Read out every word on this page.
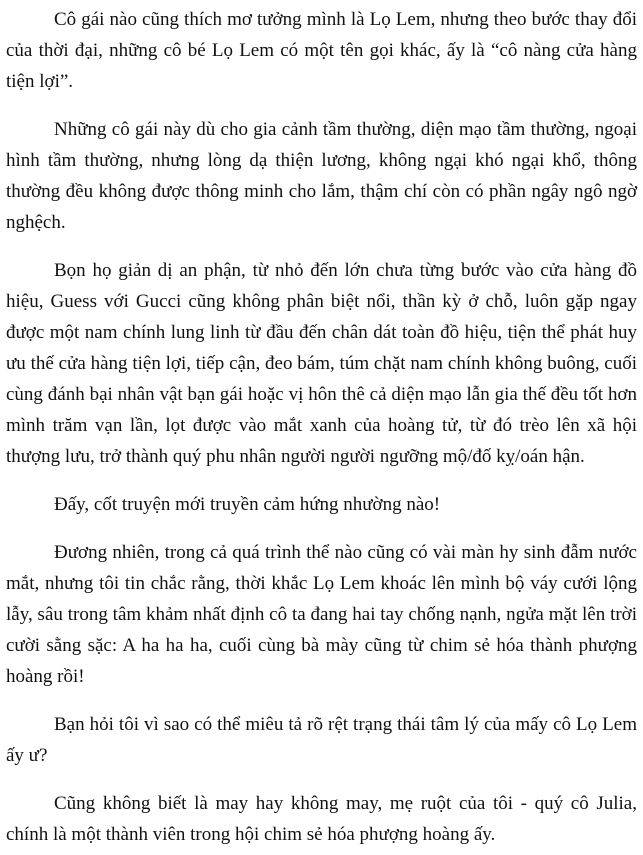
Cô gái nào cũng thích mơ tưởng mình là Lọ Lem, nhưng theo bước thay đổi của thời đại, những cô bé Lọ Lem có một tên gọi khác, ấy là “cô nàng cửa hàng tiện lợi”.

Những cô gái này dù cho gia cảnh tầm thường, diện mạo tầm thường, ngoại hình tầm thường, nhưng lòng dạ thiện lương, không ngại khó ngại khổ, thông thường đều không được thông minh cho lắm, thậm chí còn có phần ngây ngô ngờ nghệch.

Bọn họ giản dị an phận, từ nhỏ đến lớn chưa từng bước vào cửa hàng đồ hiệu, Guess với Gucci cũng không phân biệt nổi, thần kỳ ở chỗ, luôn gặp ngay được một nam chính lung linh từ đầu đến chân dát toàn đồ hiệu, tiện thể phát huy ưu thế cửa hàng tiện lợi, tiếp cận, đeo bám, túm chặt nam chính không buông, cuối cùng đánh bại nhân vật bạn gái hoặc vị hôn thê cả diện mạo lẫn gia thế đều tốt hơn mình trăm vạn lần, lọt được vào mắt xanh của hoàng tử, từ đó trèo lên xã hội thượng lưu, trở thành quý phu nhân người người ngưỡng mộ/đố kỵ/oán hận.

Đấy, cốt truyện mới truyền cảm hứng nhường nào!

Đương nhiên, trong cả quá trình thể nào cũng có vài màn hy sinh đẫm nước mắt, nhưng tôi tin chắc rằng, thời khắc Lọ Lem khoác lên mình bộ váy cưới lộng lẫy, sâu trong tâm khảm nhất định cô ta đang hai tay chống nạnh, ngửa mặt lên trời cười sằng sặc: A ha ha ha, cuối cùng bà mày cũng từ chim sẻ hóa thành phượng hoàng rồi!

Bạn hỏi tôi vì sao có thể miêu tả rõ rệt trạng thái tâm lý của mấy cô Lọ Lem ấy ư?

Cũng không biết là may hay không may, mẹ ruột của tôi - quý cô Julia, chính là một thành viên trong hội chim sẻ hóa phượng hoàng ấy.
